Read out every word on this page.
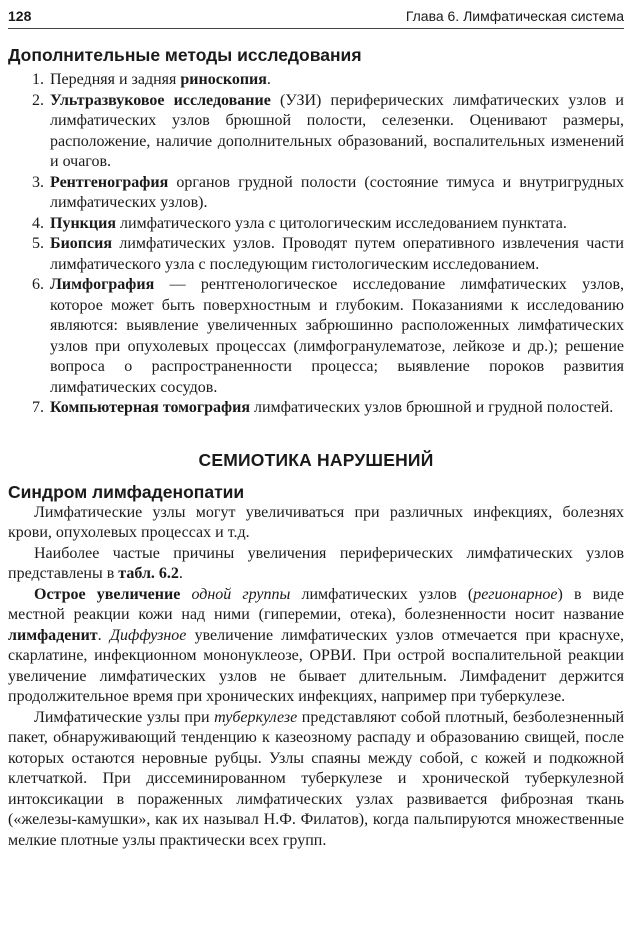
128	Глава 6. Лимфатическая система
Дополнительные методы исследования
1. Передняя и задняя риноскопия.
2. Ультразвуковое исследование (УЗИ) периферических лимфатических узлов и лимфатических узлов брюшной полости, селезенки. Оценивают размеры, расположение, наличие дополнительных образований, воспалительных изменений и очагов.
3. Рентгенография органов грудной полости (состояние тимуса и внутригрудных лимфатических узлов).
4. Пункция лимфатического узла с цитологическим исследованием пунктата.
5. Биопсия лимфатических узлов. Проводят путем оперативного извлечения части лимфатического узла с последующим гистологическим исследованием.
6. Лимфография — рентгенологическое исследование лимфатических узлов, которое может быть поверхностным и глубоким. Показаниями к исследованию являются: выявление увеличенных забрюшинно расположенных лимфатических узлов при опухолевых процессах (лимфогранулематозе, лейкозе и др.); решение вопроса о распространенности процесса; выявление пороков развития лимфатических сосудов.
7. Компьютерная томография лимфатических узлов брюшной и грудной полостей.
СЕМИОТИКА НАРУШЕНИЙ
Синдром лимфаденопатии

Лимфатические узлы могут увеличиваться при различных инфекциях, болезнях крови, опухолевых процессах и т.д.

Наиболее частые причины увеличения периферических лимфатических узлов представлены в табл. 6.2.

Острое увеличение одной группы лимфатических узлов (регионарное) в виде местной реакции кожи над ними (гиперемии, отека), болезненности носит название лимфаденит. Диффузное увеличение лимфатических узлов отмечается при краснухе, скарлатине, инфекционном мононуклеозе, ОРВИ. При острой воспалительной реакции увеличение лимфатических узлов не бывает длительным. Лимфаденит держится продолжительное время при хронических инфекциях, например при туберкулезе.

Лимфатические узлы при туберкулезе представляют собой плотный, безболезненный пакет, обнаруживающий тенденцию к казеозному распаду и образованию свищей, после которых остаются неровные рубцы. Узлы спаяны между собой, с кожей и подкожной клетчаткой. При диссеминированном туберкулезе и хронической туберкулезной интоксикации в пораженных лимфатических узлах развивается фиброзная ткань («железы-камушки», как их называл Н.Ф. Филатов), когда пальпируются множественные мелкие плотные узлы практически всех групп.
